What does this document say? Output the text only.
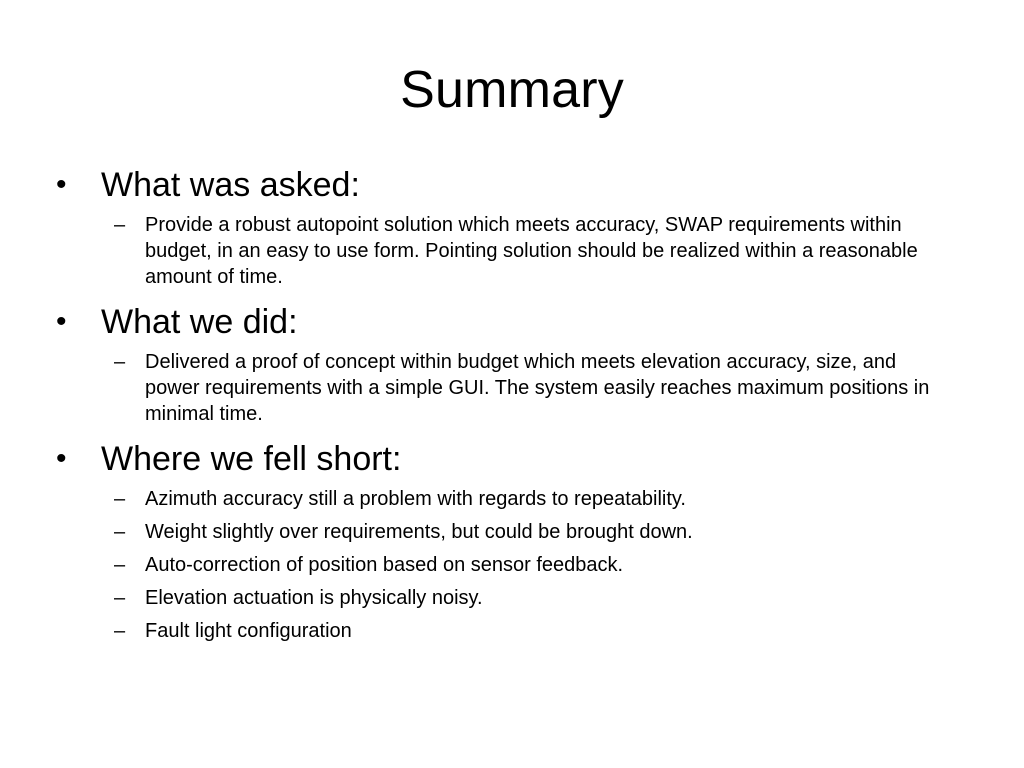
Summary
•	What was asked:
– Provide a robust autopoint solution which meets accuracy, SWAP requirements within budget, in an easy to use form. Pointing solution should be realized within a reasonable amount of time.
•	What we did:
– Delivered a proof of concept within budget which meets elevation accuracy, size, and power requirements with a simple GUI. The system easily reaches maximum positions in minimal time.
•	Where we fell short:
– Azimuth accuracy still a problem with regards to repeatability.
– Weight slightly over requirements, but could be brought down.
– Auto-correction of position based on sensor feedback.
– Elevation actuation is physically noisy.
– Fault light configuration
